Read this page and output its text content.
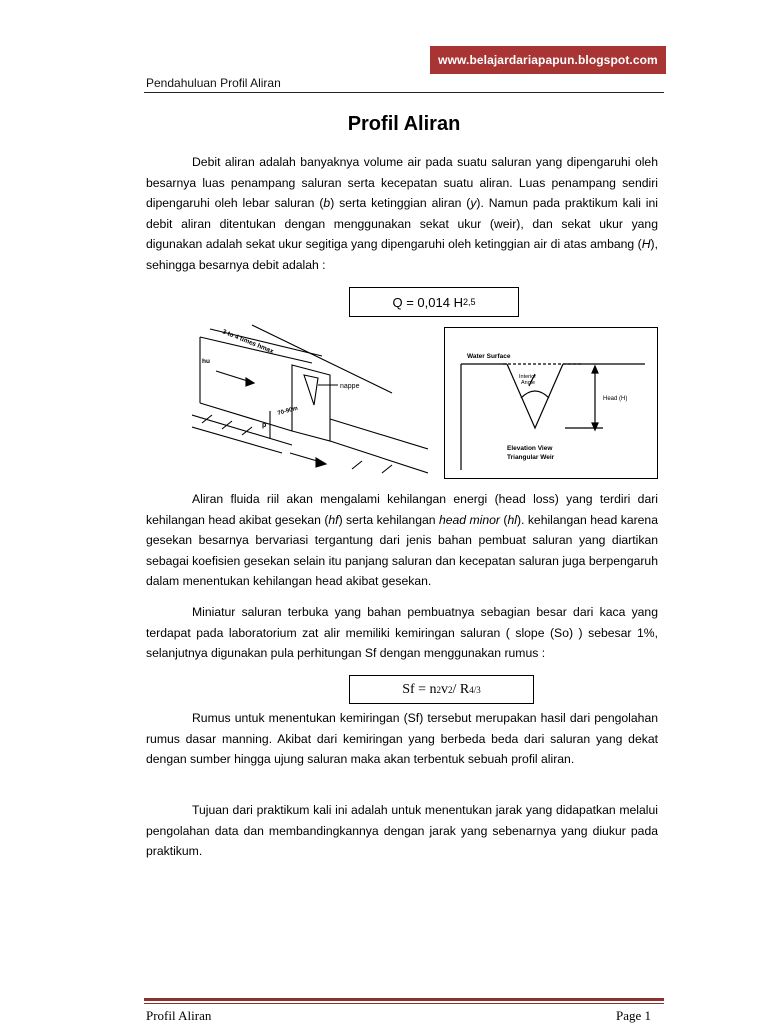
www.belajardariapapun.blogspot.com
Pendahuluan Profil Aliran
Profil Aliran
Debit aliran adalah banyaknya volume air pada suatu saluran yang dipengaruhi oleh besarnya luas penampang saluran serta kecepatan suatu aliran. Luas penampang sendiri dipengaruhi oleh lebar saluran (b) serta ketinggian aliran (y). Namun pada praktikum kali ini debit aliran ditentukan dengan menggunakan sekat ukur (weir), dan sekat ukur yang digunakan adalah sekat ukur segitiga yang dipengaruhi oleh ketinggian air di atas ambang (H), sehingga besarnya debit adalah :
Q = 0,014 H 2,5
3 to 4 times hmax
hu
nappe
p
70-90m
Water Surface
Interior
Angle
Head (H)
Elevation View
Triangular Weir
Aliran fluida riil akan mengalami kehilangan energi (head loss) yang terdiri dari kehilangan head akibat gesekan (hf) serta kehilangan head minor (hl). kehilangan head karena gesekan besarnya bervariasi tergantung dari jenis bahan pembuat saluran yang diartikan sebagai koefisien gesekan selain itu panjang saluran dan kecepatan saluran juga berpengaruh dalam menentukan kehilangan head akibat gesekan.
Miniatur saluran terbuka yang bahan pembuatnya sebagian besar dari kaca yang terdapat pada laboratorium zat alir memiliki kemiringan saluran ( slope (So) ) sebesar 1%, selanjutnya digunakan pula perhitungan Sf dengan menggunakan rumus :
Sf = n 2 v 2 / R 4/3
Rumus untuk menentukan kemiringan (Sf) tersebut merupakan hasil dari pengolahan rumus dasar manning. Akibat dari kemiringan yang berbeda beda dari saluran yang dekat dengan sumber hingga ujung saluran maka akan terbentuk sebuah profil aliran.
Tujuan dari praktikum kali ini adalah untuk menentukan jarak yang didapatkan melalui pengolahan data dan membandingkannya dengan jarak yang sebenarnya yang diukur pada praktikum.
Profil Aliran	Page 1
